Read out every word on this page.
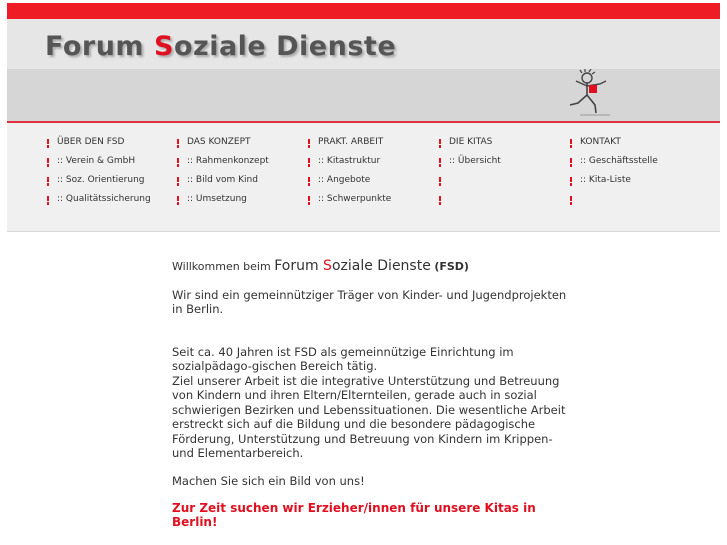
Forum Soziale Dienste
ÜBER DEN FSD
:: Verein & GmbH
:: Soz. Orientierung
:: Qualitätssicherung
DAS KONZEPT
:: Rahmenkonzept
:: Bild vom Kind
:: Umsetzung
PRAKT. ARBEIT
:: Kitastruktur
:: Angebote
:: Schwerpunkte
DIE KITAS
:: Übersicht
KONTAKT
:: Geschäftsstelle
:: Kita-Liste

Willkommen beim Forum Soziale Dienste (FSD)

Wir sind ein gemeinnütziger Träger von Kinder- und Jugendprojekten in Berlin.

Seit ca. 40 Jahren ist FSD als gemeinnützige Einrichtung im sozialpädago-gischen Bereich tätig.
Ziel unserer Arbeit ist die integrative Unterstützung und Betreuung von Kindern und ihren Eltern/Elternteilen, gerade auch in sozial schwierigen Bezirken und Lebenssituationen. Die wesentliche Arbeit erstreckt sich auf die Bildung und die besondere pädagogische Förderung, Unterstützung und Betreuung von Kindern im Krippen- und Elementarbereich.

Machen Sie sich ein Bild von uns!

Zur Zeit suchen wir Erzieher/innen für unsere Kitas in Berlin!
